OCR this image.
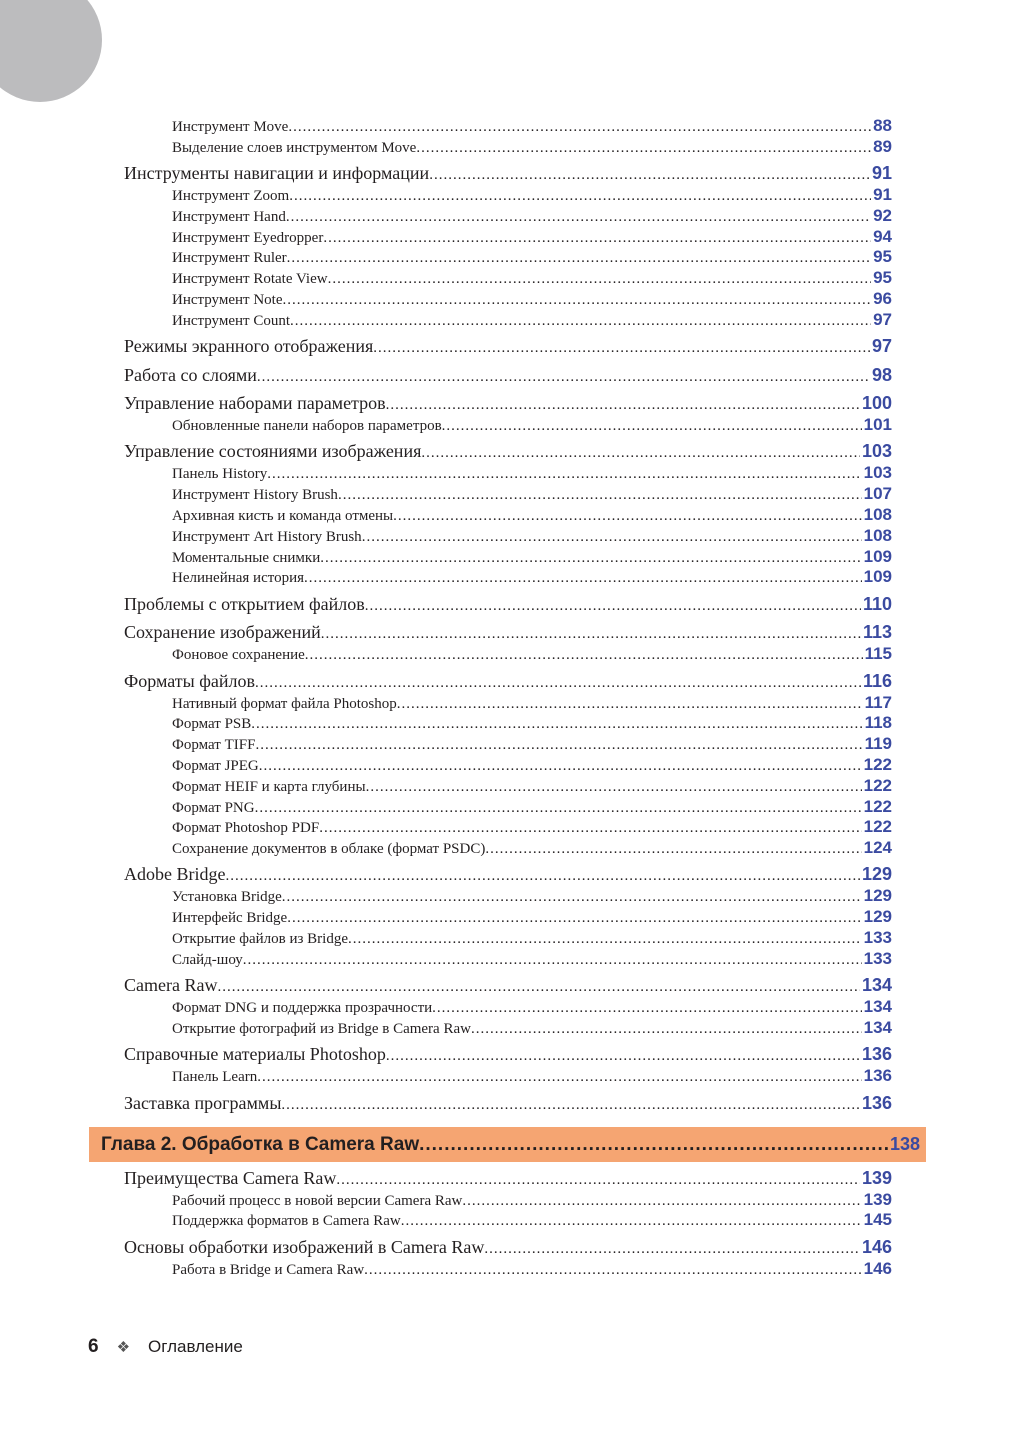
Инструмент Move .....	88
Выделение слоев инструментом Move .....	89
Инструменты навигации и информации .....	91
Инструмент Zoom .....	91
Инструмент Hand .....	92
Инструмент Eyedropper .....	94
Инструмент Ruler .....	95
Инструмент Rotate View .....	95
Инструмент Note .....	96
Инструмент Count .....	97
Режимы экранного отображения .....	97
Работа со слоями .....	98
Управление наборами параметров .....	100
Обновленные панели наборов параметров .....	101
Управление состояниями изображения .....	103
Панель History .....	103
Инструмент History Brush .....	107
Архивная кисть и команда отмены .....	108
Инструмент Art History Brush .....	108
Моментальные снимки .....	109
Нелинейная история .....	109
Проблемы с открытием файлов .....	110
Сохранение изображений .....	113
Фоновое сохранение .....	115
Форматы файлов .....	116
Нативный формат файла Photoshop .....	117
Формат PSB .....	118
Формат TIFF .....	119
Формат JPEG .....	122
Формат HEIF и карта глубины .....	122
Формат PNG .....	122
Формат Photoshop PDF .....	122
Сохранение документов в облаке (формат PSDC) .....	124
Adobe Bridge .....	129
Установка Bridge .....	129
Интерфейс Bridge .....	129
Открытие файлов из Bridge .....	133
Слайд-шоу .....	133
Camera Raw .....	134
Формат DNG и поддержка прозрачности .....	134
Открытие фотографий из Bridge в Camera Raw .....	134
Справочные материалы Photoshop .....	136
Панель Learn .....	136
Заставка программы .....	136
Глава 2. Обработка в Camera Raw .....	138
Преимущества Camera Raw .....	139
Рабочий процесс в новой версии Camera Raw .....	139
Поддержка форматов в Camera Raw .....	145
Основы обработки изображений в Camera Raw .....	146
Работа в Bridge и Camera Raw .....	146
6 ❖ Оглавление
